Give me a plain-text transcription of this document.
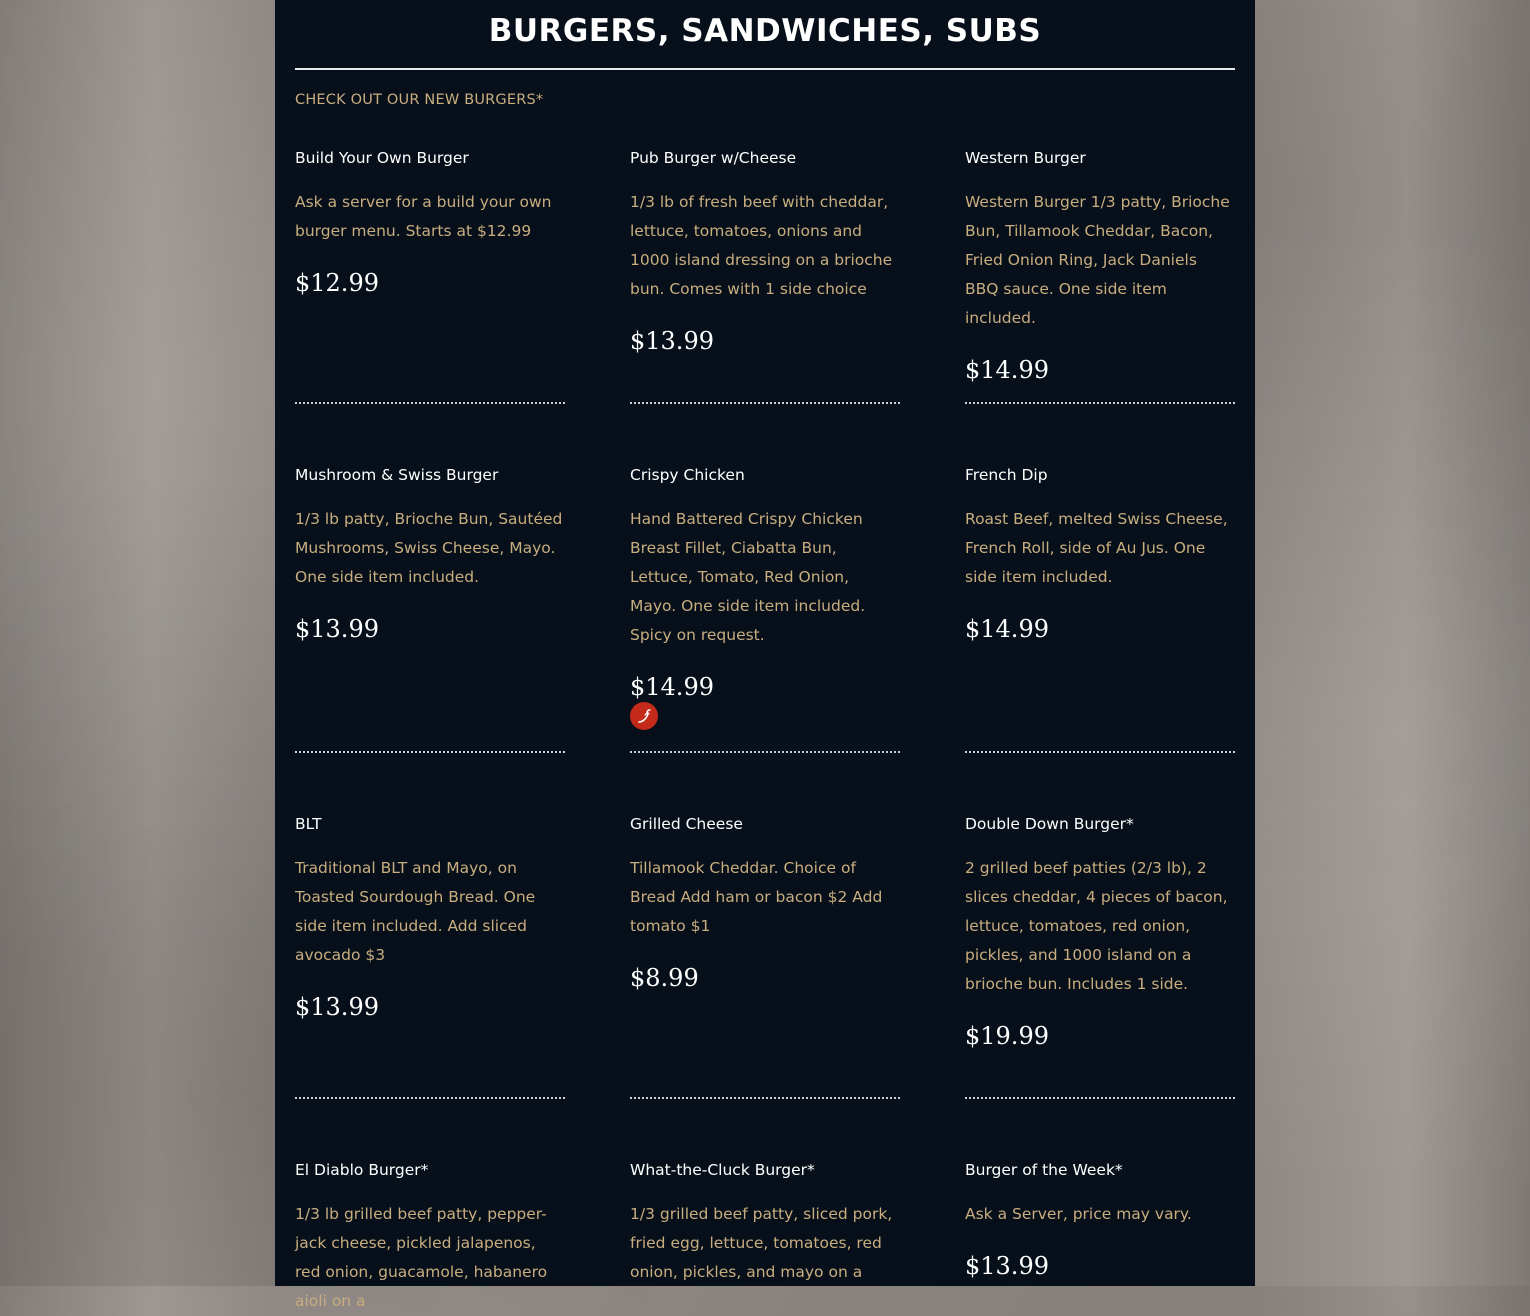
BURGERS, SANDWICHES, SUBS
CHECK OUT OUR NEW BURGERS*
Build Your Own Burger
Ask a server for a build your own burger menu. Starts at $12.99
$12.99
Pub Burger w/Cheese
1/3 lb of fresh beef with cheddar, lettuce, tomatoes, onions and 1000 island dressing on a brioche bun. Comes with 1 side choice
$13.99
Western Burger
Western Burger 1/3 patty, Brioche Bun, Tillamook Cheddar, Bacon, Fried Onion Ring, Jack Daniels BBQ sauce. One side item included.
$14.99
Mushroom & Swiss Burger
1/3 lb patty, Brioche Bun, Sautéed Mushrooms, Swiss Cheese, Mayo. One side item included.
$13.99
Crispy Chicken
Hand Battered Crispy Chicken Breast Fillet, Ciabatta Bun, Lettuce, Tomato, Red Onion, Mayo. One side item included. Spicy on request.
$14.99
French Dip
Roast Beef, melted Swiss Cheese, French Roll, side of Au Jus. One side item included.
$14.99
BLT
Traditional BLT and Mayo, on Toasted Sourdough Bread. One side item included. Add sliced avocado $3
$13.99
Grilled Cheese
Tillamook Cheddar. Choice of Bread Add ham or bacon $2 Add tomato $1
$8.99
Double Down Burger*
2 grilled beef patties (2/3 lb), 2 slices cheddar, 4 pieces of bacon, lettuce, tomatoes, red onion, pickles, and 1000 island on a brioche bun. Includes 1 side.
$19.99
El Diablo Burger*
1/3 lb grilled beef patty, pepper-jack cheese, pickled jalapenos, red onion, guacamole, habanero aioli on a
What-the-Cluck Burger*
1/3 grilled beef patty, sliced pork, fried egg, lettuce, tomatoes, red onion, pickles, and mayo on a
Burger of the Week*
Ask a Server, price may vary.
$13.99
